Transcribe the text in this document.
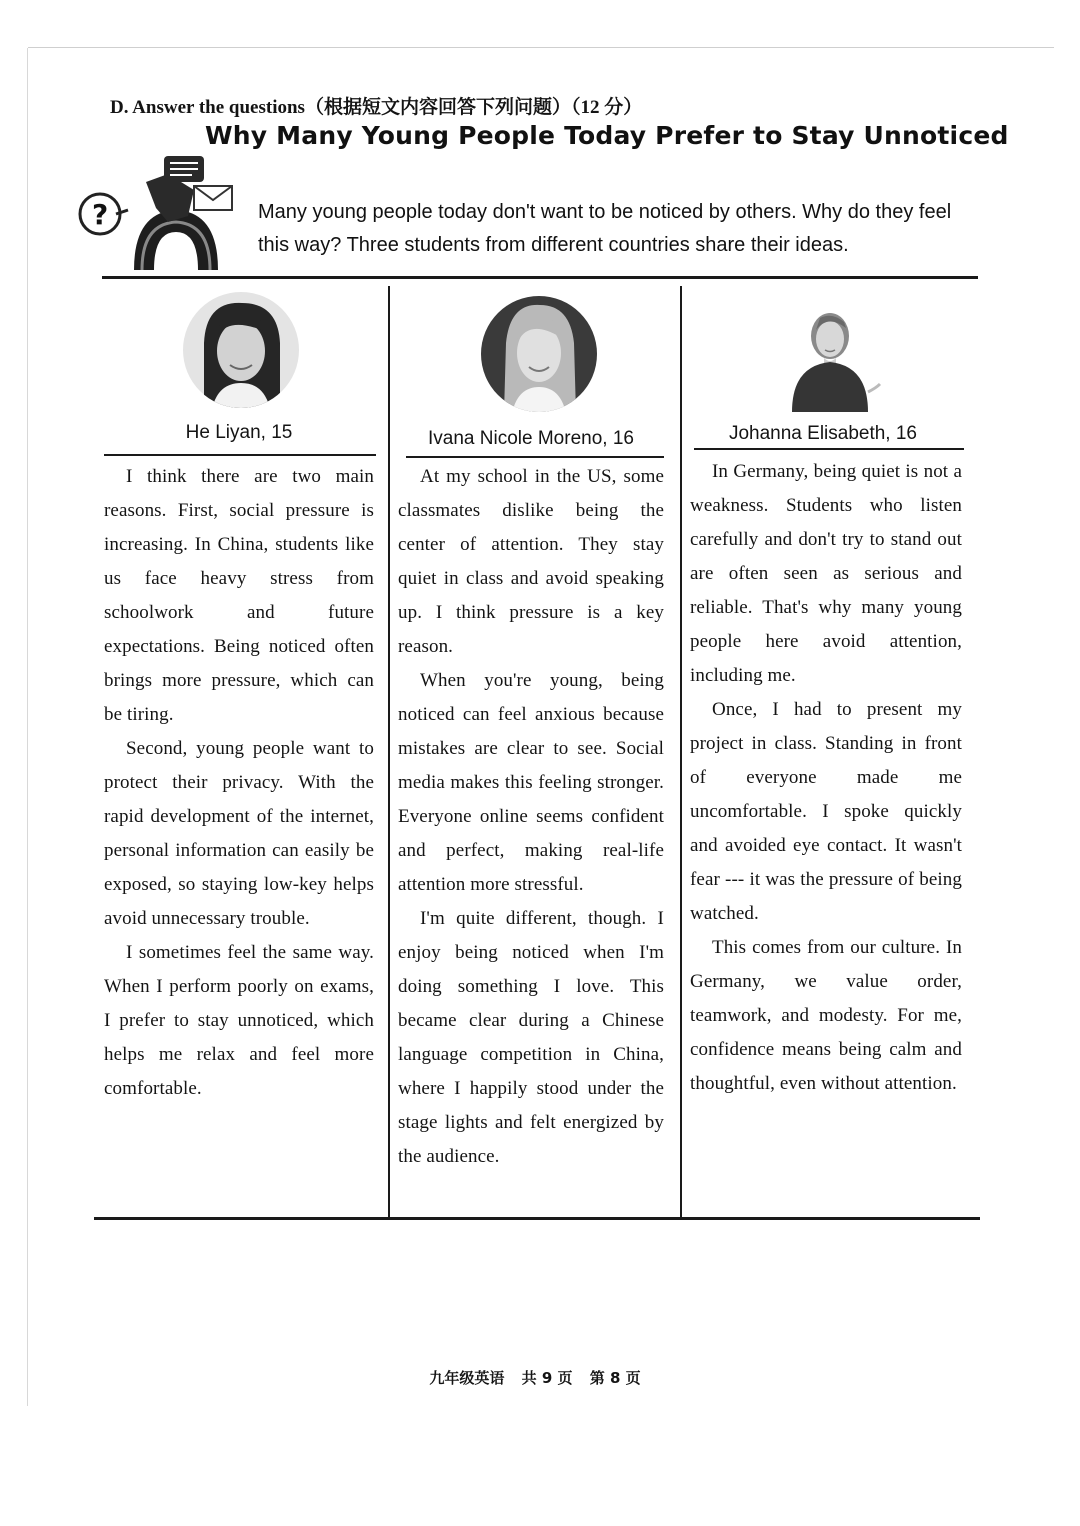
D. Answer the questions（根据短文内容回答下列问题）（12 分）
Why Many Young People Today Prefer to Stay Unnoticed
?	Many young people today don't want to be noticed by others. Why do they feel this way? Three students from different countries share their ideas.
He Liyan, 15

I think there are two main reasons. First, social pressure is increasing. In China, students like us face heavy stress from schoolwork and future expectations. Being noticed often brings more pressure, which can be tiring.

Second, young people want to protect their privacy. With the rapid development of the internet, personal information can easily be exposed, so staying low-key helps avoid unnecessary trouble.

I sometimes feel the same way. When I perform poorly on exams, I prefer to stay unnoticed, which helps me relax and feel more comfortable.

Ivana Nicole Moreno, 16

At my school in the US, some classmates dislike being the center of attention. They stay quiet in class and avoid speaking up. I think pressure is a key reason.

When you're young, being noticed can feel anxious because mistakes are clear to see. Social media makes this feeling stronger. Everyone online seems confident and perfect, making real-life attention more stressful.

I'm quite different, though. I enjoy being noticed when I'm doing something I love. This became clear during a Chinese language competition in China, where I happily stood under the stage lights and felt energized by the audience.

Johanna Elisabeth, 16

In Germany, being quiet is not a weakness. Students who listen carefully and don't try to stand out are often seen as serious and reliable. That's why many young people here avoid attention, including me.

Once, I had to present my project in class. Standing in front of everyone made me uncomfortable. I spoke quickly and avoided eye contact. It wasn't fear --- it was the pressure of being watched.

This comes from our culture. In Germany, we value order, teamwork, and modesty. For me, confidence means being calm and thoughtful, even without attention.

九年级英语 共 9 页 第 8 页
